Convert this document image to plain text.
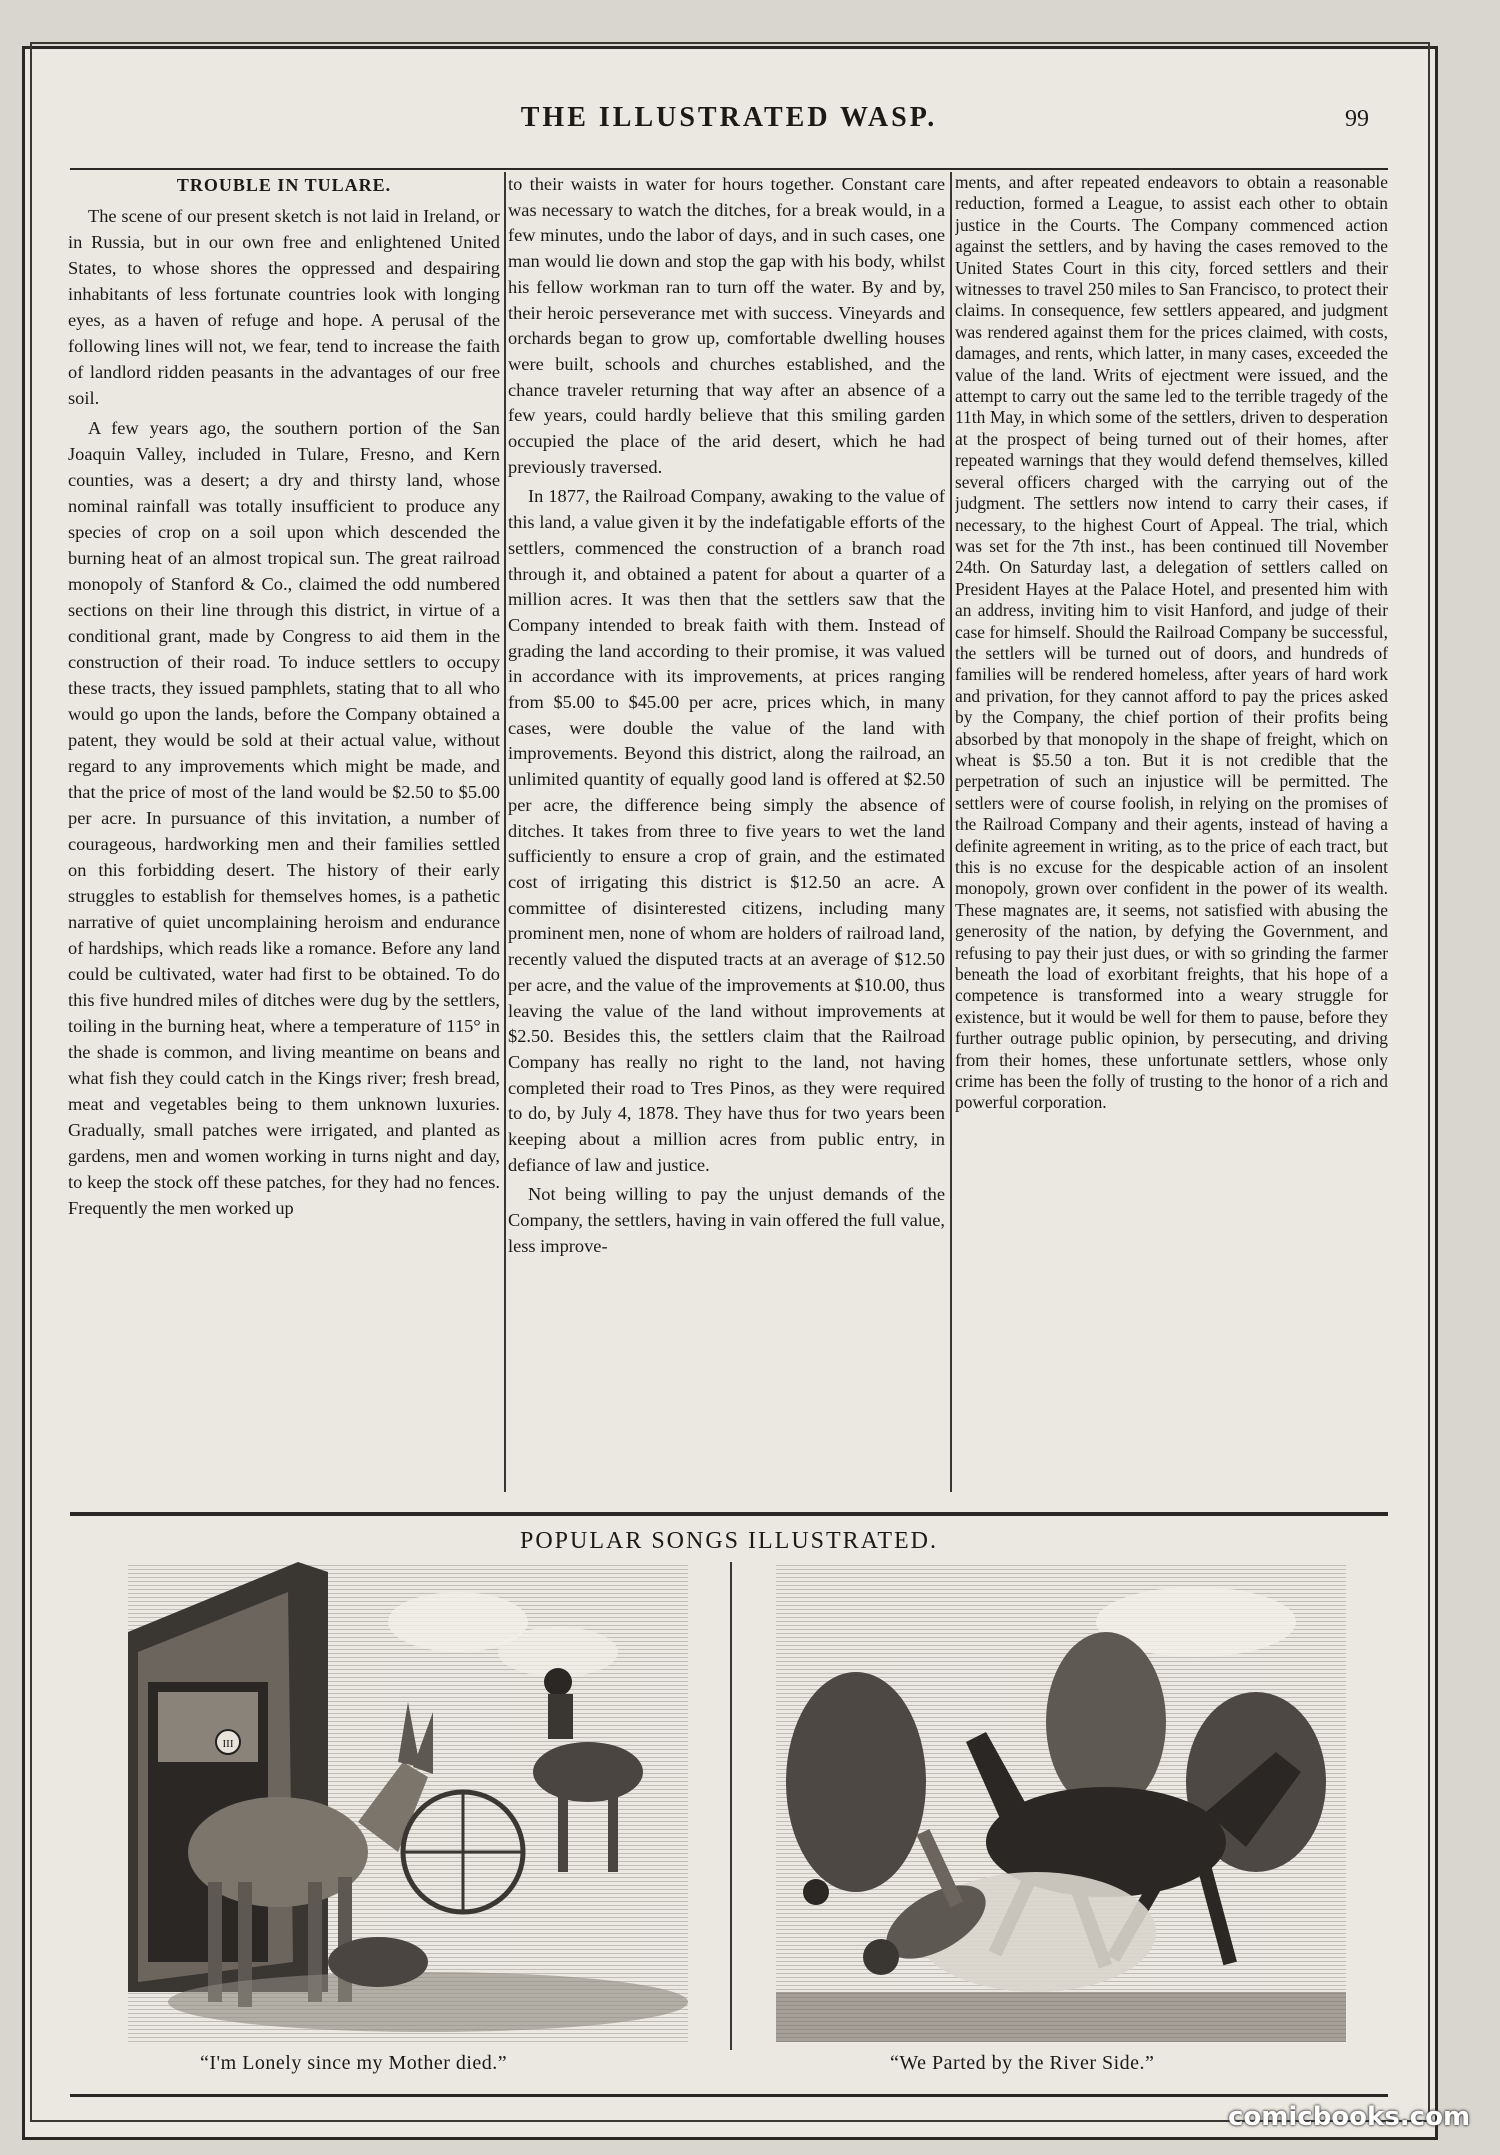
THE ILLUSTRATED WASP.	99
TROUBLE IN TULARE.

The scene of our present sketch is not laid in Ireland, or in Russia, but in our own free and enlightened United States, to whose shores the oppressed and despairing inhabitants of less fortunate countries look with longing eyes, as a haven of refuge and hope. A perusal of the following lines will not, we fear, tend to increase the faith of landlord ridden peasants in the advantages of our free soil.

A few years ago, the southern portion of the San Joaquin Valley, included in Tulare, Fresno, and Kern counties, was a desert; a dry and thirsty land, whose nominal rainfall was totally insufficient to produce any species of crop on a soil upon which descended the burning heat of an almost tropical sun. The great railroad monopoly of Stanford & Co., claimed the odd numbered sections on their line through this district, in virtue of a conditional grant, made by Congress to aid them in the construction of their road. To induce settlers to occupy these tracts, they issued pamphlets, stating that to all who would go upon the lands, before the Company obtained a patent, they would be sold at their actual value, without regard to any improvements which might be made, and that the price of most of the land would be $2.50 to $5.00 per acre. In pursuance of this invitation, a number of courageous, hardworking men and their families settled on this forbidding desert. The history of their early struggles to establish for themselves homes, is a pathetic narrative of quiet uncomplaining heroism and endurance of hardships, which reads like a romance. Before any land could be cultivated, water had first to be obtained. To do this five hundred miles of ditches were dug by the settlers, toiling in the burning heat, where a temperature of 115° in the shade is common, and living meantime on beans and what fish they could catch in the Kings river; fresh bread, meat and vegetables being to them unknown luxuries. Gradually, small patches were irrigated, and planted as gardens, men and women working in turns night and day, to keep the stock off these patches, for they had no fences. Frequently the men worked up

to their waists in water for hours together. Constant care was necessary to watch the ditches, for a break would, in a few minutes, undo the labor of days, and in such cases, one man would lie down and stop the gap with his body, whilst his fellow workman ran to turn off the water. By and by, their heroic perseverance met with success. Vineyards and orchards began to grow up, comfortable dwelling houses were built, schools and churches established, and the chance traveler returning that way after an absence of a few years, could hardly believe that this smiling garden occupied the place of the arid desert, which he had previously traversed.

In 1877, the Railroad Company, awaking to the value of this land, a value given it by the indefatigable efforts of the settlers, commenced the construction of a branch road through it, and obtained a patent for about a quarter of a million acres. It was then that the settlers saw that the Company intended to break faith with them. Instead of grading the land according to their promise, it was valued in accordance with its improvements, at prices ranging from $5.00 to $45.00 per acre, prices which, in many cases, were double the value of the land with improvements. Beyond this district, along the railroad, an unlimited quantity of equally good land is offered at $2.50 per acre, the difference being simply the absence of ditches. It takes from three to five years to wet the land sufficiently to ensure a crop of grain, and the estimated cost of irrigating this district is $12.50 an acre. A committee of disinterested citizens, including many prominent men, none of whom are holders of railroad land, recently valued the disputed tracts at an average of $12.50 per acre, and the value of the improvements at $10.00, thus leaving the value of the land without improvements at $2.50. Besides this, the settlers claim that the Railroad Company has really no right to the land, not having completed their road to Tres Pinos, as they were required to do, by July 4, 1878. They have thus for two years been keeping about a million acres from public entry, in defiance of law and justice.

Not being willing to pay the unjust demands of the Company, the settlers, having in vain offered the full value, less improve-

ments, and after repeated endeavors to obtain a reasonable reduction, formed a League, to assist each other to obtain justice in the Courts. The Company commenced action against the settlers, and by having the cases removed to the United States Court in this city, forced settlers and their witnesses to travel 250 miles to San Francisco, to protect their claims. In consequence, few settlers appeared, and judgment was rendered against them for the prices claimed, with costs, damages, and rents, which latter, in many cases, exceeded the value of the land. Writs of ejectment were issued, and the attempt to carry out the same led to the terrible tragedy of the 11th May, in which some of the settlers, driven to desperation at the prospect of being turned out of their homes, after repeated warnings that they would defend themselves, killed several officers charged with the carrying out of the judgment. The settlers now intend to carry their cases, if necessary, to the highest Court of Appeal. The trial, which was set for the 7th inst., has been continued till November 24th. On Saturday last, a delegation of settlers called on President Hayes at the Palace Hotel, and presented him with an address, inviting him to visit Hanford, and judge of their case for himself. Should the Railroad Company be successful, the settlers will be turned out of doors, and hundreds of families will be rendered homeless, after years of hard work and privation, for they cannot afford to pay the prices asked by the Company, the chief portion of their profits being absorbed by that monopoly in the shape of freight, which on wheat is $5.50 a ton. But it is not credible that the perpetration of such an injustice will be permitted. The settlers were of course foolish, in relying on the promises of the Railroad Company and their agents, instead of having a definite agreement in writing, as to the price of each tract, but this is no excuse for the despicable action of an insolent monopoly, grown over confident in the power of its wealth. These magnates are, it seems, not satisfied with abusing the generosity of the nation, by defying the Government, and refusing to pay their just dues, or with so grinding the farmer beneath the load of exorbitant freights, that his hope of a competence is transformed into a weary struggle for existence, but it would be well for them to pause, before they further outrage public opinion, by persecuting, and driving from their homes, these unfortunate settlers, whose only crime has been the folly of trusting to the honor of a rich and powerful corporation.

POPULAR SONGS ILLUSTRATED.
III
“I'm Lonely since my Mother died.”	“We Parted by the River Side.”
comicbooks.com
